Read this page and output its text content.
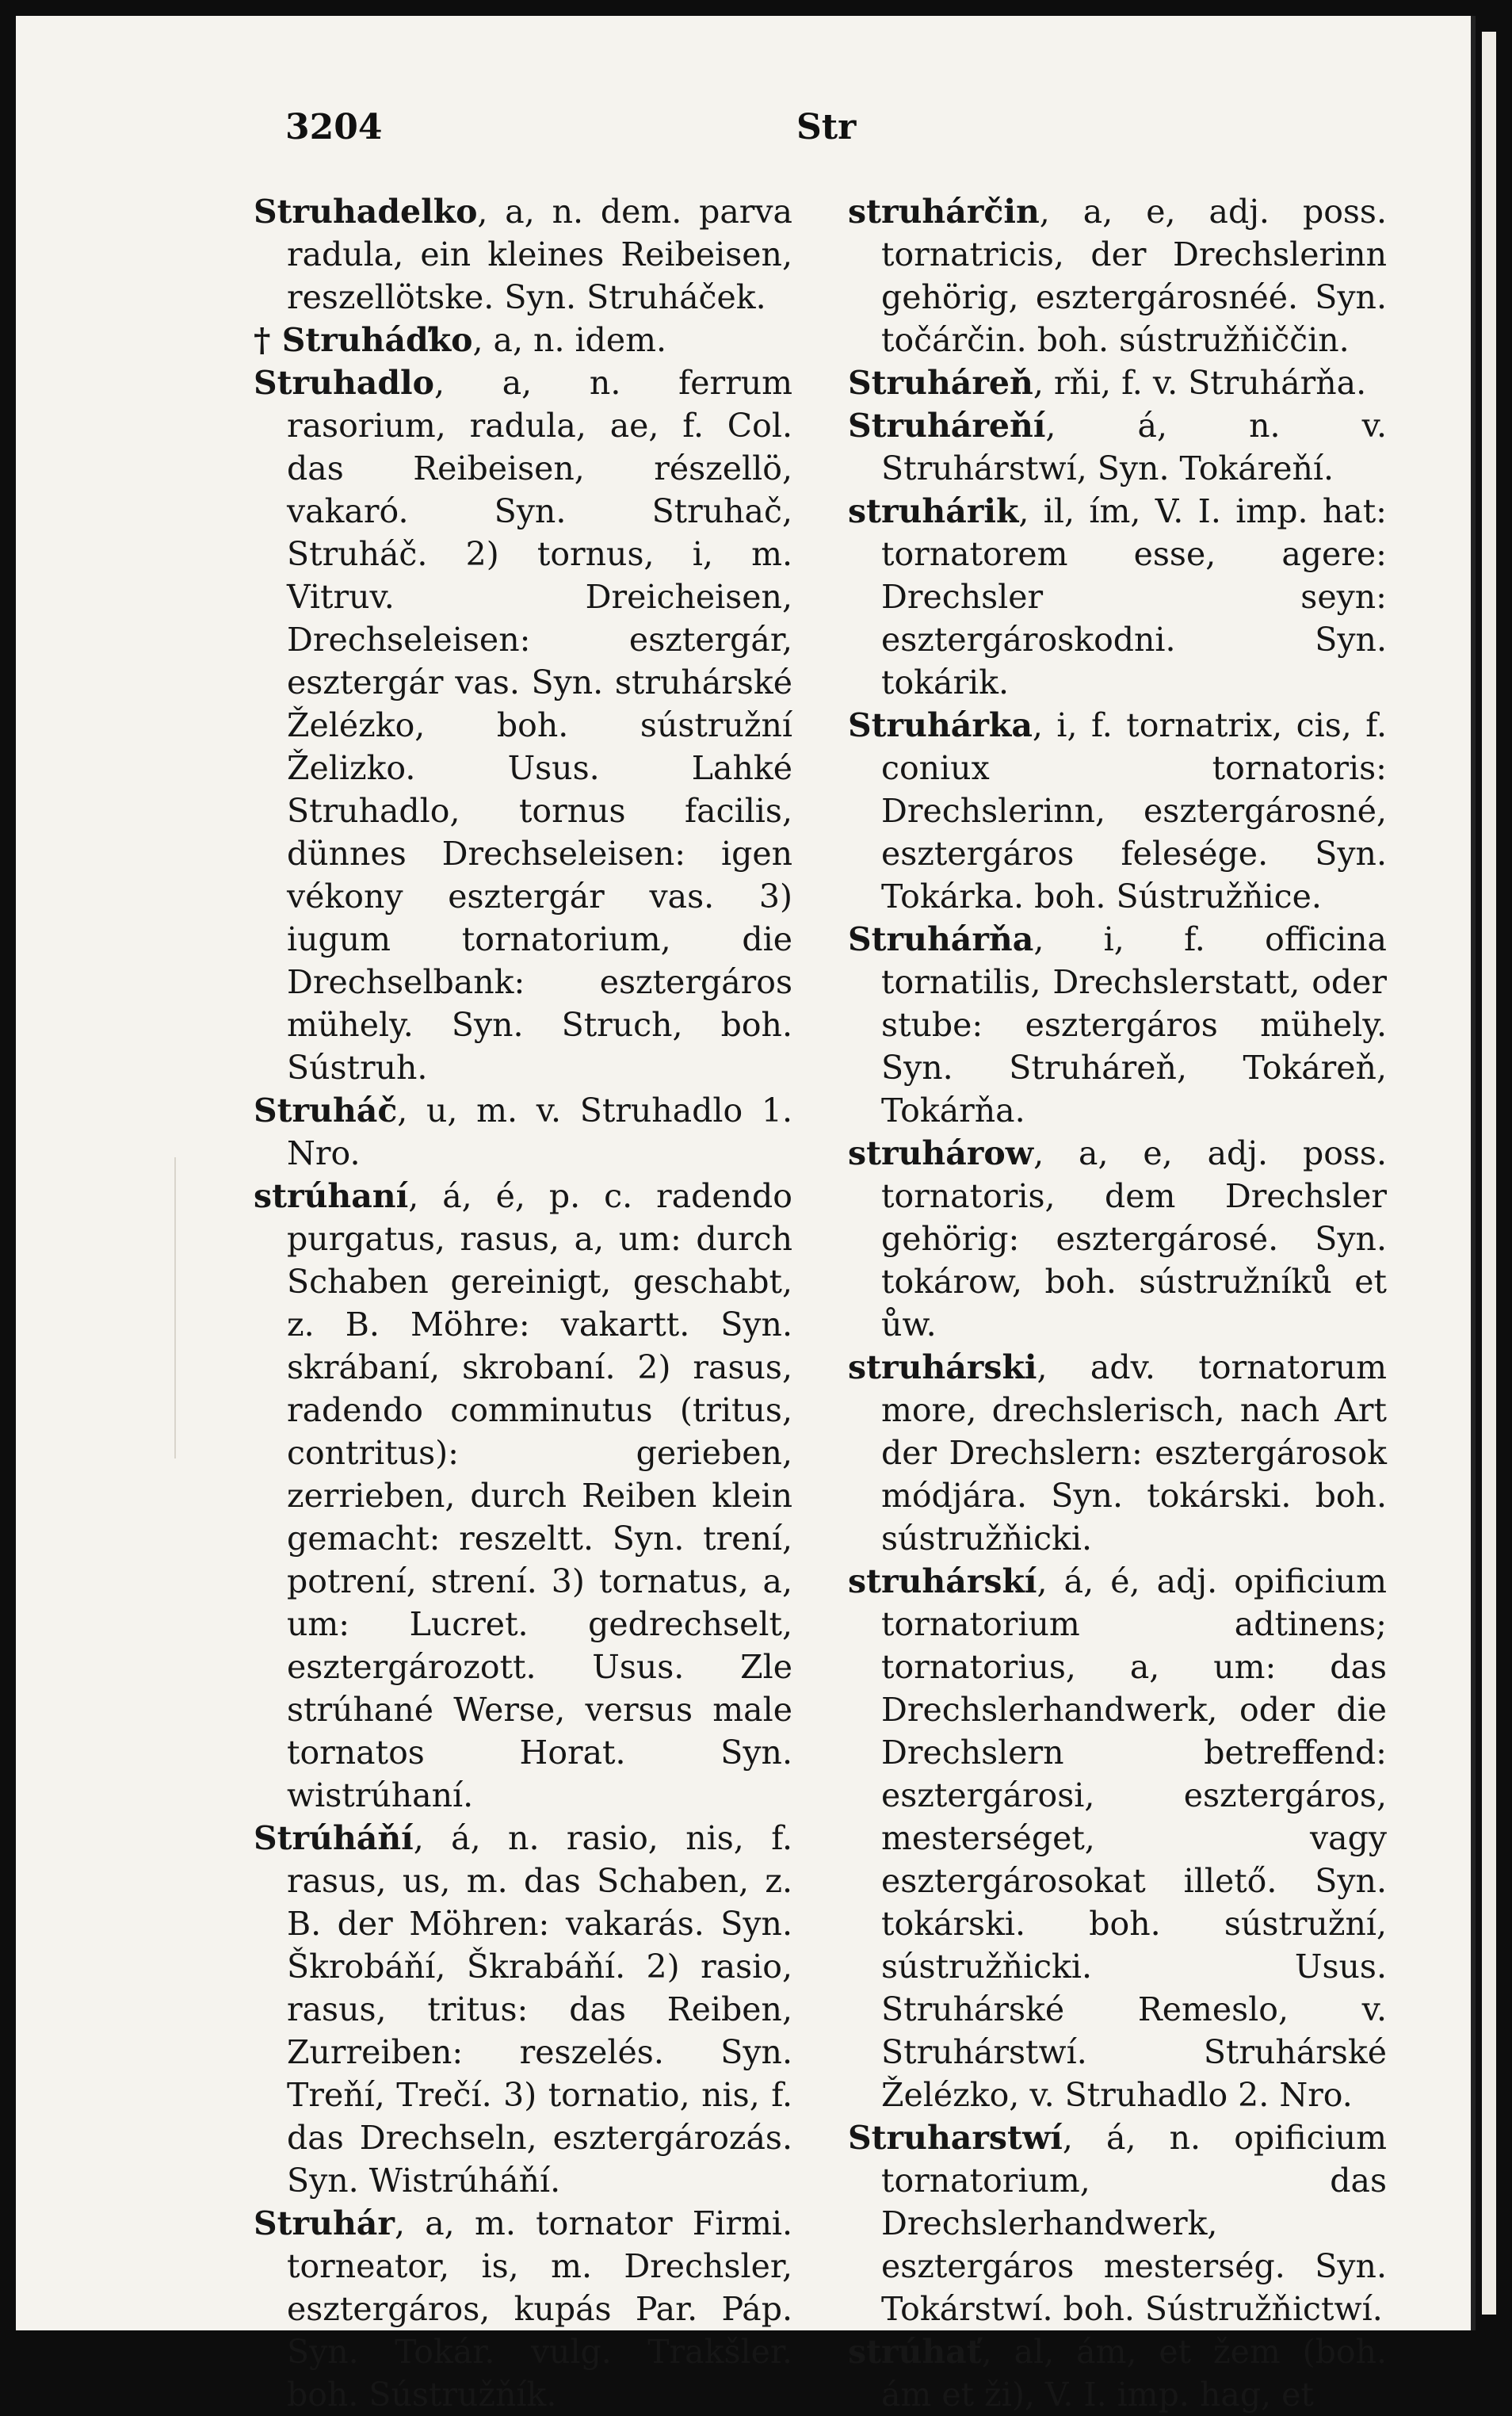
3204	Str

Struhadelko, a, n. dem. parva radula, ein kleines Reibeisen, reszellötske. Syn. Struháček.

† Struháďko, a, n. idem.

Struhadlo, a, n. ferrum rasorium, radula, ae, f. Col. das Reibeisen, részellö, vakaró. Syn. Struhač, Struháč. 2) tornus, i, m. Vitruv. Dreicheisen, Drechseleisen: esztergár, esztergár vas. Syn. struhárské Želézko, boh. sústružní Želizko. Usus. Lahké Struhadlo, tornus facilis, dünnes Drechseleisen: igen vékony esztergár vas. 3) iugum tornatorium, die Drechselbank: esztergáros mühely. Syn. Struch, boh. Sústruh.

Struháč, u, m. v. Struhadlo 1. Nro.

strúhaní, á, é, p. c. radendo purgatus, rasus, a, um: durch Schaben gereinigt, geschabt, z. B. Möhre: vakartt. Syn. skrábaní, skrobaní. 2) rasus, radendo comminutus (tritus, contritus): gerieben, zerrieben, durch Reiben klein gemacht: reszeltt. Syn. trení, potrení, strení. 3) tornatus, a, um: Lucret. gedrechselt, esztergározott. Usus. Zle strúhané Werse, versus male tornatos Horat. Syn. wistrúhaní.

Strúháňí, á, n. rasio, nis, f. rasus, us, m. das Schaben, z. B. der Möhren: vakarás. Syn. Škrobáňí, Škrabáňí. 2) rasio, rasus, tritus: das Reiben, Zurreiben: reszelés. Syn. Treňí, Trečí. 3) tornatio, nis, f. das Drechseln, esztergározás. Syn. Wistrúháňí.

Struhár, a, m. tornator Firmi. torneator, is, m. Drechsler, esztergáros, kupás Par. Páp. Syn. Tokár. vulg. Trakšler. boh. Sústružňík.

struhárčin, a, e, adj. poss. tornatricis, der Drechslerinn gehörig, esztergárosnéé. Syn. točárčin. boh. sústružňiččin.

Struháreň, rňi, f. v. Struhárňa.

Struháreňí, á, n. v. Struhárstwí, Syn. Tokáreňí.

struhárik, il, ím, V. I. imp. hat: tornatorem esse, agere: Drechsler seyn: esztergároskodni. Syn. tokárik.

Struhárka, i, f. tornatrix, cis, f. coniux tornatoris: Drechslerinn, esztergárosné, esztergáros felesége. Syn. Tokárka. boh. Sústružňice.

Struhárňa, i, f. officina tornatilis, Drechslerstatt, oder stube: esztergáros mühely. Syn. Struháreň, Tokáreň, Tokárňa.

struhárow, a, e, adj. poss. tornatoris, dem Drechsler gehörig: esztergárosé. Syn. tokárow, boh. sústružníků et ůw.

struhárski, adv. tornatorum more, drechslerisch, nach Art der Drechslern: esztergárosok módjára. Syn. tokárski. boh. sústružňicki.

struhárskí, á, é, adj. opificium tornatorium adtinens; tornatorius, a, um: das Drechslerhandwerk, oder die Drechslern betreffend: esztergárosi, esztergáros, mesterséget, vagy esztergárosokat illető. Syn. tokárski. boh. sústružní, sústružňicki. Usus. Struhárské Remeslo, v. Struhárstwí. Struhárské Želézko, v. Struhadlo 2. Nro.

Struharstwí, á, n. opificium tornatorium, das Drechslerhandwerk, esztergáros mesterség. Syn. Tokárstwí. boh. Sústružňictwí.

strúhať, al, ám, et žem (boh. ám et ži), V. I. imp. hag, et
